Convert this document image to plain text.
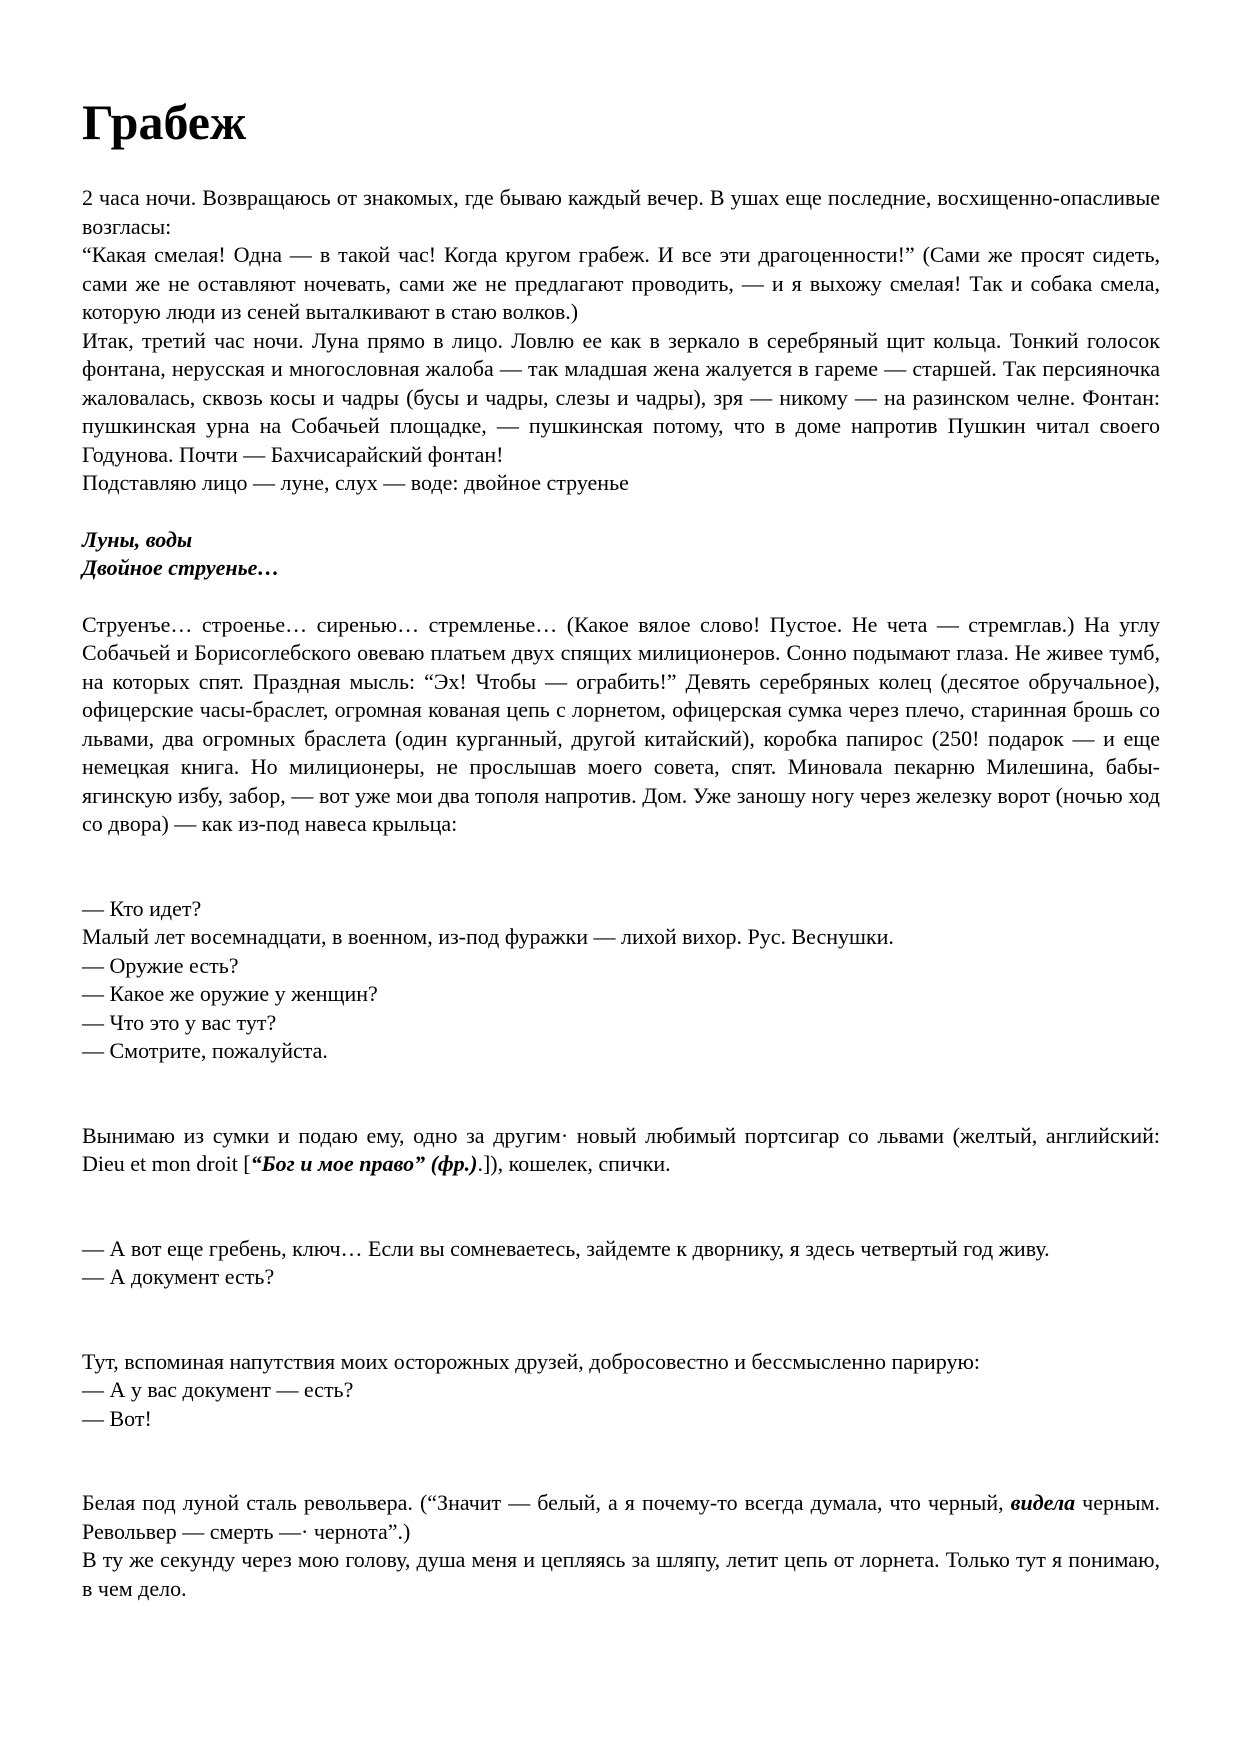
Грабеж

2 часа ночи. Возвращаюсь от знакомых, где бываю каждый вечер. В ушах еще последние, восхищенно-опасливые возгласы:

“Какая смелая! Одна — в такой час! Когда кругом грабеж. И все эти драгоценности!” (Сами же просят сидеть, сами же не оставляют ночевать, сами же не предлагают проводить, — и я выхожу смелая! Так и собака смела, которую люди из сеней выталкивают в стаю волков.)

Итак, третий час ночи. Луна прямо в лицо. Ловлю ее как в зеркало в серебряный щит кольца. Тонкий голосок фонтана, нерусская и многословная жалоба — так младшая жена жалуется в гареме — старшей. Так персияночка жаловалась, сквозь косы и чадры (бусы и чадры, слезы и чадры), зря — никому — на разинском челне. Фонтан: пушкинская урна на Собачьей площадке, — пушкинская потому, что в доме напротив Пушкин читал своего Годунова. Почти — Бахчисарайский фонтан!

Подставляю лицо — луне, слух — воде: двойное струенье

Луны, воды

Двойное струенье…

Струенъе… строенье… сиренью… стремленье… (Какое вялое слово! Пустое. Не чета — стремглав.) На углу Собачьей и Борисоглебского овеваю платьем двух спящих милиционеров. Сонно подымают глаза. Не живее тумб, на которых спят. Праздная мысль: “Эх! Чтобы — ограбить!” Девять серебряных колец (десятое обручальное), офицерские часы-браслет, огромная кованая цепь с лорнетом, офицерская сумка через плечо, старинная брошь со львами, два огромных браслета (один курганный, другой китайский), коробка папирос (250! подарок — и еще немецкая книга. Но милиционеры, не прослышав моего совета, спят. Миновала пекарню Милешина, бабы-ягинскую избу, забор, — вот уже мои два тополя напротив. Дом. Уже заношу ногу через железку ворот (ночью ход со двора) — как из-под навеса крыльца:

— Кто идет?

Малый лет восемнадцати, в военном, из-под фуражки — лихой вихор. Рус. Веснушки.

— Оружие есть?

— Какое же оружие у женщин?

— Что это у вас тут?

— Смотрите, пожалуйста.

Вынимаю из сумки и подаю ему, одно за другим· новый любимый портсигар со львами (желтый, английский: Dieu et mon droit [“Бог и мое право” (фр.).]), кошелек, спички.

— А вот еще гребень, ключ… Если вы сомневаетесь, зайдемте к дворнику, я здесь четвертый год живу.

— А документ есть?

Тут, вспоминая напутствия моих осторожных друзей, добросовестно и бессмысленно парирую:

— А у вас документ — есть?

— Вот!

Белая под луной сталь револьвера. (“Значит — белый, а я почему-то всегда думала, что черный, видела черным. Револьвер — смерть —· чернота”.)

В ту же секунду через мою голову, душа меня и цепляясь за шляпу, летит цепь от лорнета. Только тут я понимаю, в чем дело.
